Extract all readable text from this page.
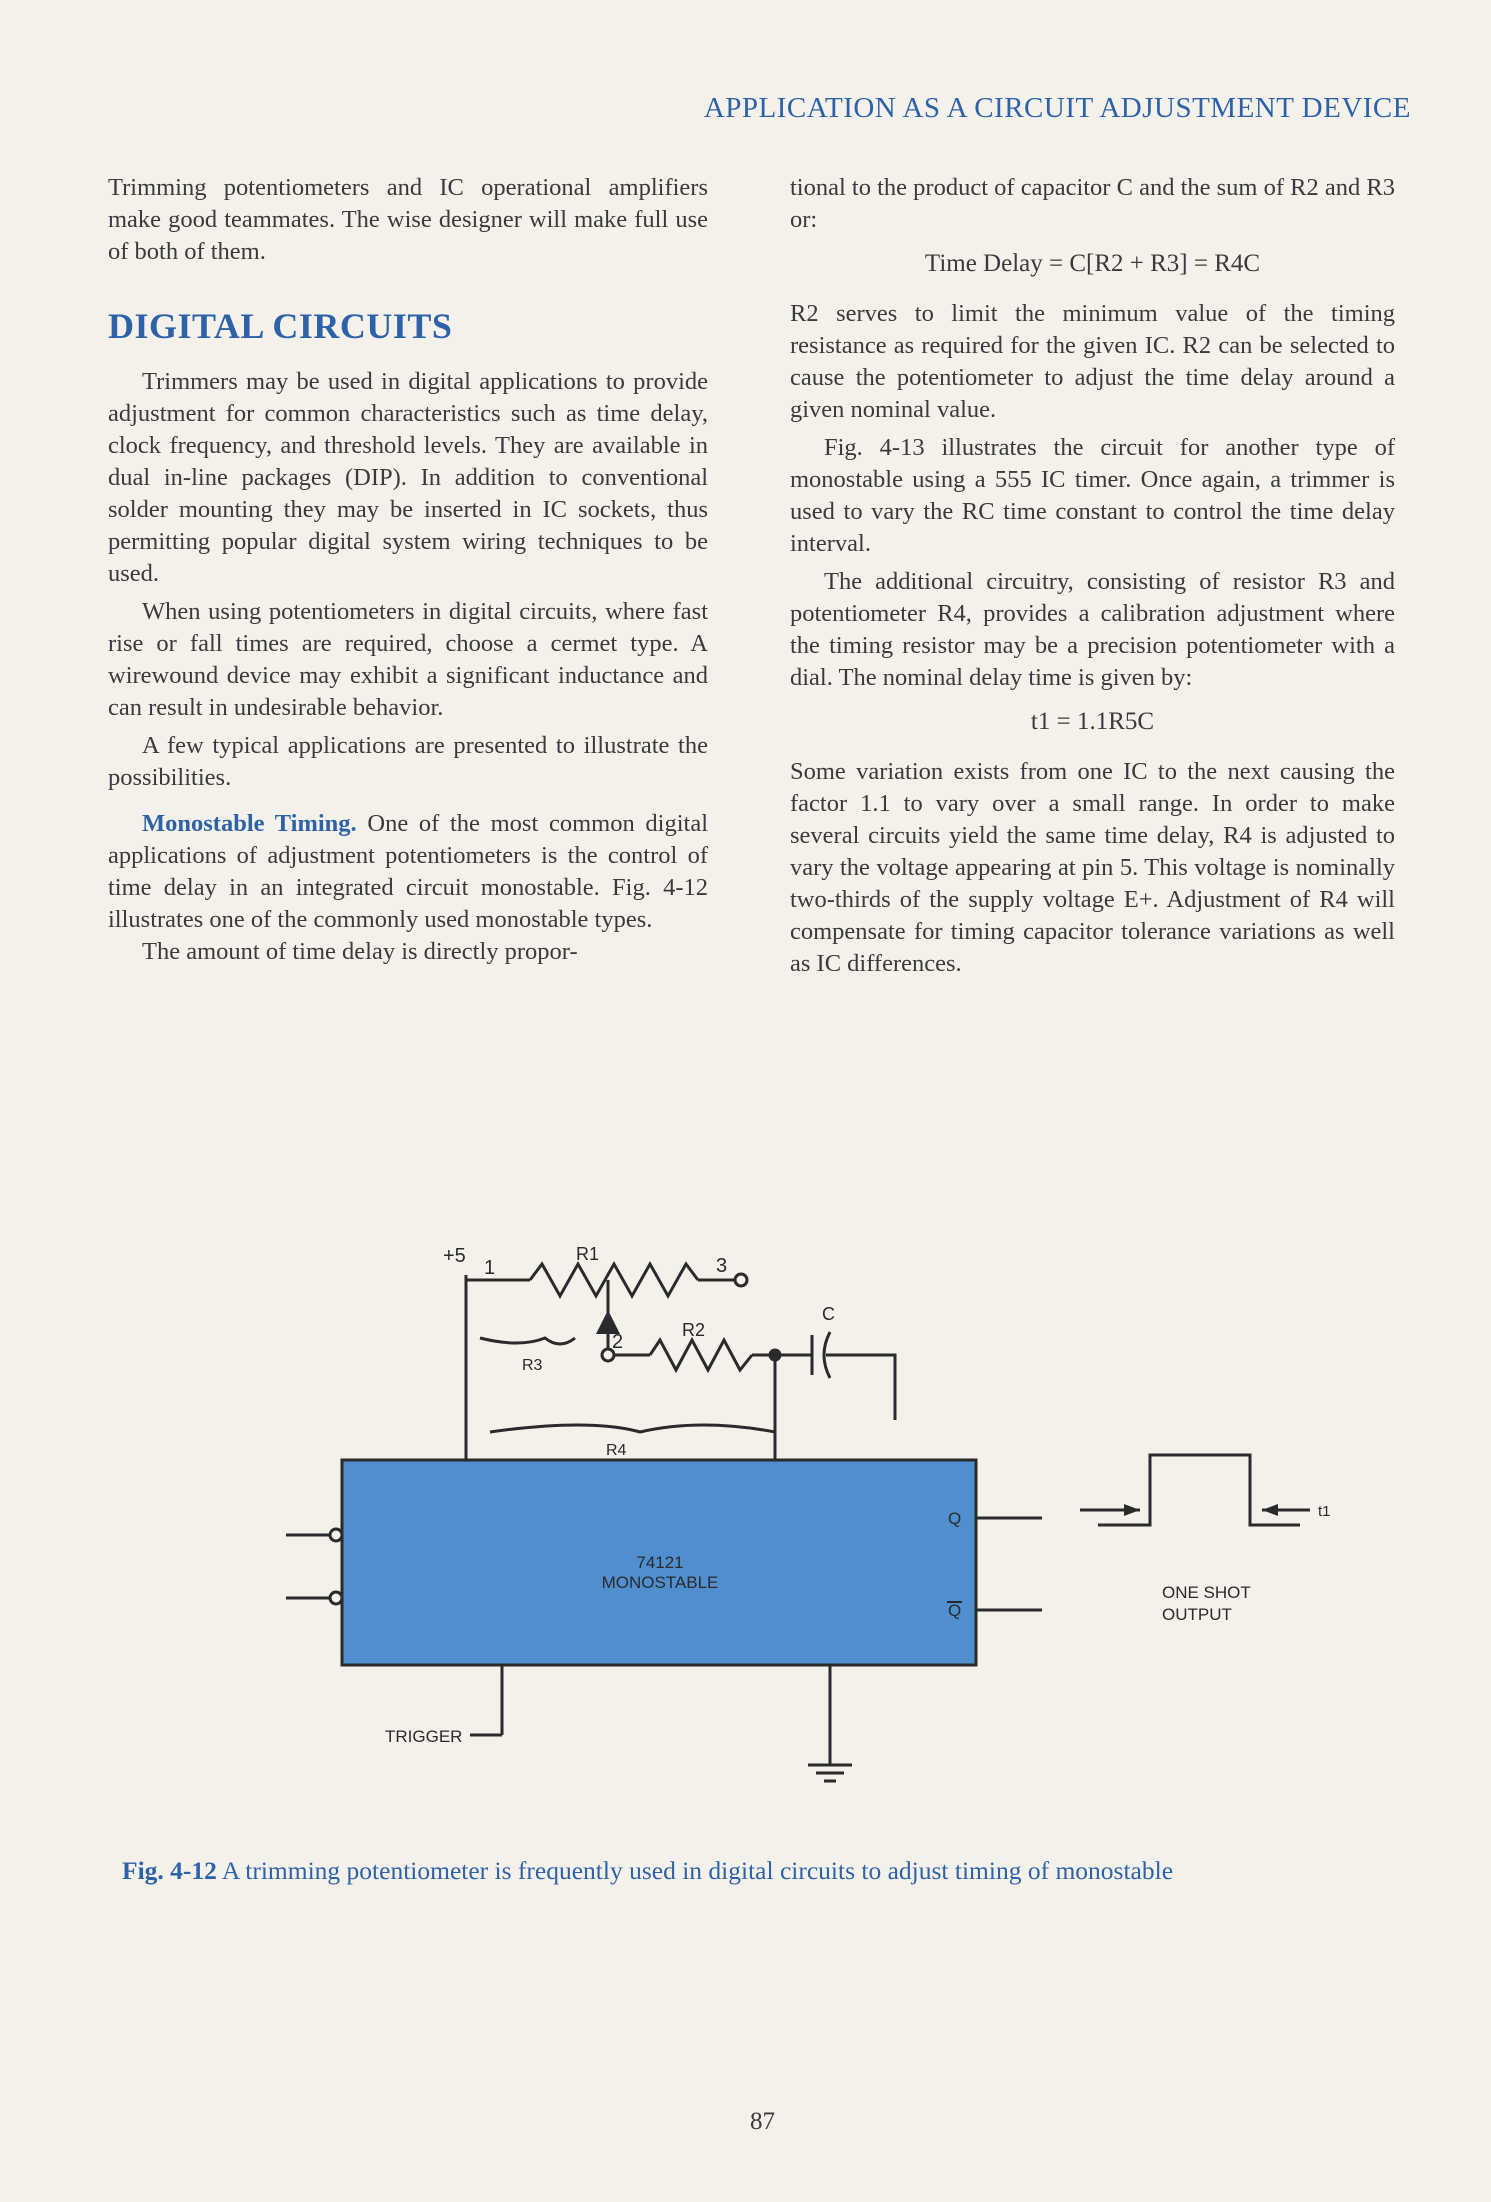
APPLICATION AS A CIRCUIT ADJUSTMENT DEVICE

Trimming potentiometers and IC operational amplifiers make good teammates. The wise designer will make full use of both of them.

DIGITAL CIRCUITS

Trimmers may be used in digital applications to provide adjustment for common characteristics such as time delay, clock frequency, and threshold levels. They are available in dual in-line packages (DIP). In addition to conventional solder mounting they may be inserted in IC sockets, thus permitting popular digital system wiring techniques to be used.

When using potentiometers in digital circuits, where fast rise or fall times are required, choose a cermet type. A wirewound device may exhibit a significant inductance and can result in undesirable behavior.

A few typical applications are presented to illustrate the possibilities.

Monostable Timing. One of the most common digital applications of adjustment potentiometers is the control of time delay in an integrated circuit monostable. Fig. 4-12 illustrates one of the commonly used monostable types.

The amount of time delay is directly propor-

tional to the product of capacitor C and the sum of R2 and R3 or:

Time Delay = C[R2 + R3] = R4C

R2 serves to limit the minimum value of the timing resistance as required for the given IC. R2 can be selected to cause the potentiometer to adjust the time delay around a given nominal value.

Fig. 4-13 illustrates the circuit for another type of monostable using a 555 IC timer. Once again, a trimmer is used to vary the RC time constant to control the time delay interval.

The additional circuitry, consisting of resistor R3 and potentiometer R4, provides a calibration adjustment where the timing resistor may be a precision potentiometer with a dial. The nominal delay time is given by:

t1 = 1.1R5C

Some variation exists from one IC to the next causing the factor 1.1 to vary over a small range. In order to make several circuits yield the same time delay, R4 is adjusted to vary the voltage appearing at pin 5. This voltage is nominally two-thirds of the supply voltage E+. Adjustment of R4 will compensate for timing capacitor tolerance variations as well as IC differences.

+5
1
R1
3
2
R3
R2
R4
C
74121
MONOSTABLE
Q
Q
TRIGGER
t1
ONE SHOT
OUTPUT
Fig. 4-12 A trimming potentiometer is frequently used in digital circuits to adjust timing of monostable
87
